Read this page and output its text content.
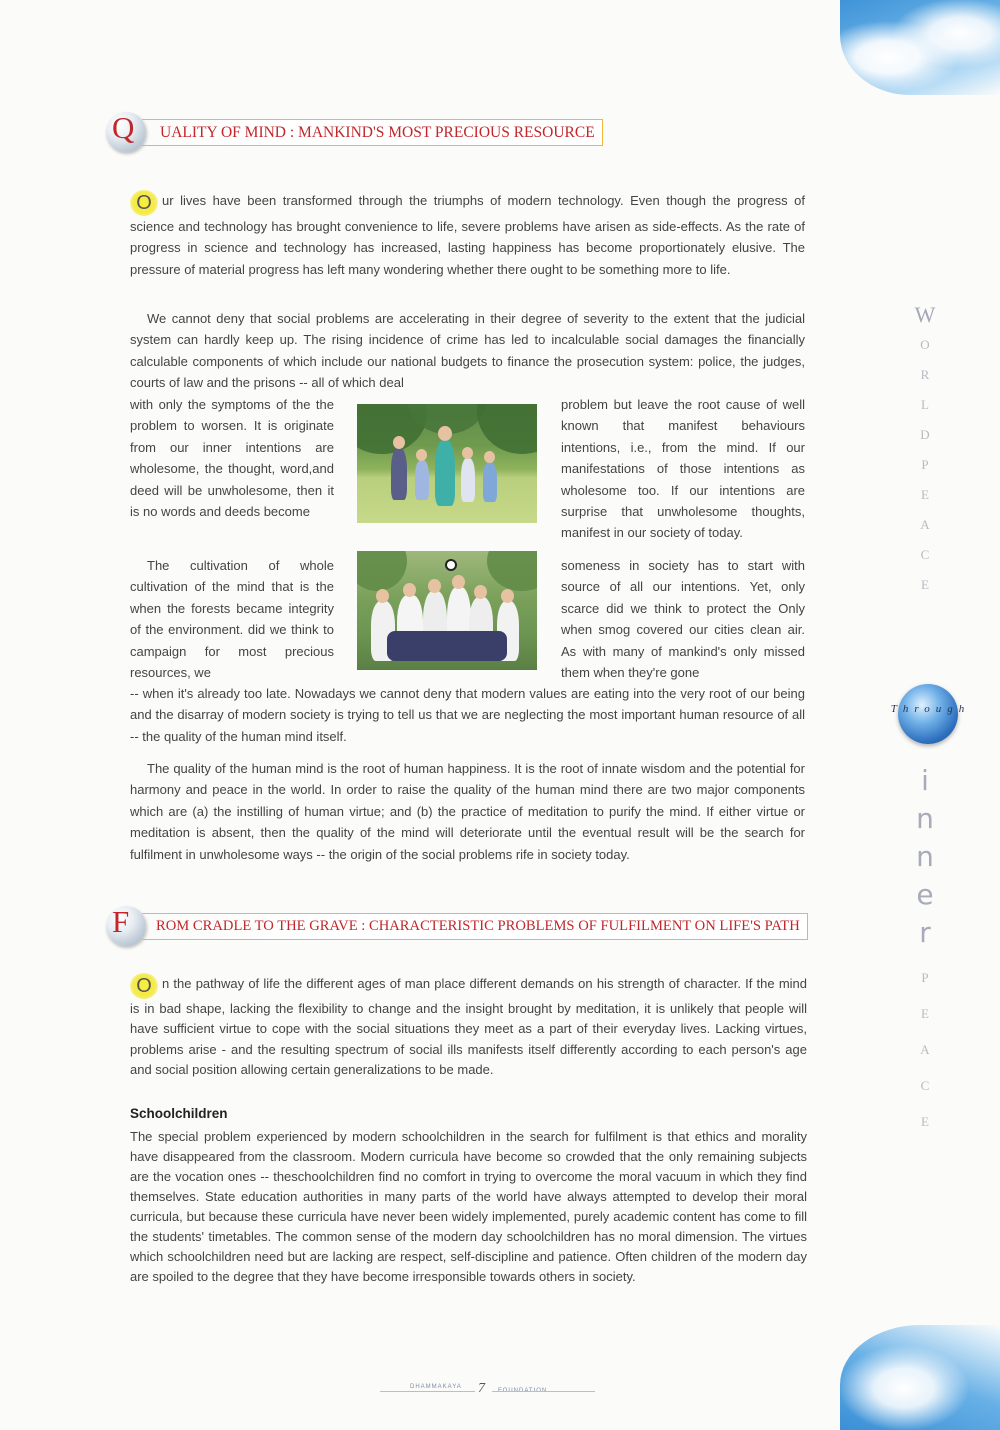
Q	UALITY OF MIND : MANKIND'S MOST PRECIOUS RESOURCE
O ur lives have been transformed through the triumphs of modern technology. Even though the progress of science and technology has brought convenience to life, severe problems have arisen as side-effects. As the rate of progress in science and technology has increased, lasting happiness has become proportionately elusive. The pressure of material progress has left many wondering whether there ought to be something more to life.
We cannot deny that social problems are accelerating in their degree of severity to the extent that the judicial system can hardly keep up. The rising incidence of crime has led to incalculable social damages the financially calculable components of which include our national budgets to finance the prosecution system: police, the judges, courts of law and the prisons -- all of which deal
with only the symptoms of the the problem to worsen. It is originate from our inner intentions are wholesome, the thought, word,and deed will be unwholesome, then it is no words and deeds become
problem but leave the root cause of well known that manifest behaviours intentions, i.e., from the mind. If our manifestations of those intentions as wholesome too. If our intentions are surprise that unwholesome thoughts, manifest in our society of today.
The cultivation of whole cultivation of the mind that is the when the forests became integrity of the environment. did we think to campaign for most precious resources, we
someness in society has to start with source of all our intentions. Yet, only scarce did we think to protect the Only when smog covered our cities clean air. As with many of mankind's only missed them when they're gone
-- when it's already too late. Nowadays we cannot deny that modern values are eating into the very root of our being and the disarray of modern society is trying to tell us that we are neglecting the most important human resource of all -- the quality of the human mind itself.
The quality of the human mind is the root of human happiness. It is the root of innate wisdom and the potential for harmony and peace in the world. In order to raise the quality of the human mind there are two major components which are (a) the instilling of human virtue; and (b) the practice of meditation to purify the mind. If either virtue or meditation is absent, then the quality of the mind will deteriorate until the eventual result will be the search for fulfilment in unwholesome ways -- the origin of the social problems rife in society today.
F	ROM CRADLE TO THE GRAVE : CHARACTERISTIC PROBLEMS OF FULFILMENT ON LIFE'S PATH
O n the pathway of life the different ages of man place different demands on his strength of character. If the mind is in bad shape, lacking the flexibility to change and the insight brought by meditation, it is unlikely that people will have sufficient virtue to cope with the social situations they meet as a part of their everyday lives. Lacking virtues, problems arise - and the resulting spectrum of social ills manifests itself differently according to each person's age and social position allowing certain generalizations to be made.
Schoolchildren
The special problem experienced by modern schoolchildren in the search for fulfilment is that ethics and morality have disappeared from the classroom. Modern curricula have become so crowded that the only remaining subjects are the vocation ones -- theschoolchildren find no comfort in trying to overcome the moral vacuum in which they find themselves. State education authorities in many parts of the world have always attempted to develop their moral curricula, but because these curricula have never been widely implemented, purely academic content has come to fill the students' timetables. The common sense of the modern day schoolchildren has no moral dimension. The virtues which schoolchildren need but are lacking are respect, self-discipline and patience. Often children of the modern day are spoiled to the degree that they have become irresponsible towards others in society.
W
O
R
L
D
P
E
A
C
E
Through
i
n
n
e
r
P
E
A
C
E
DHAMMAKAYA 7
